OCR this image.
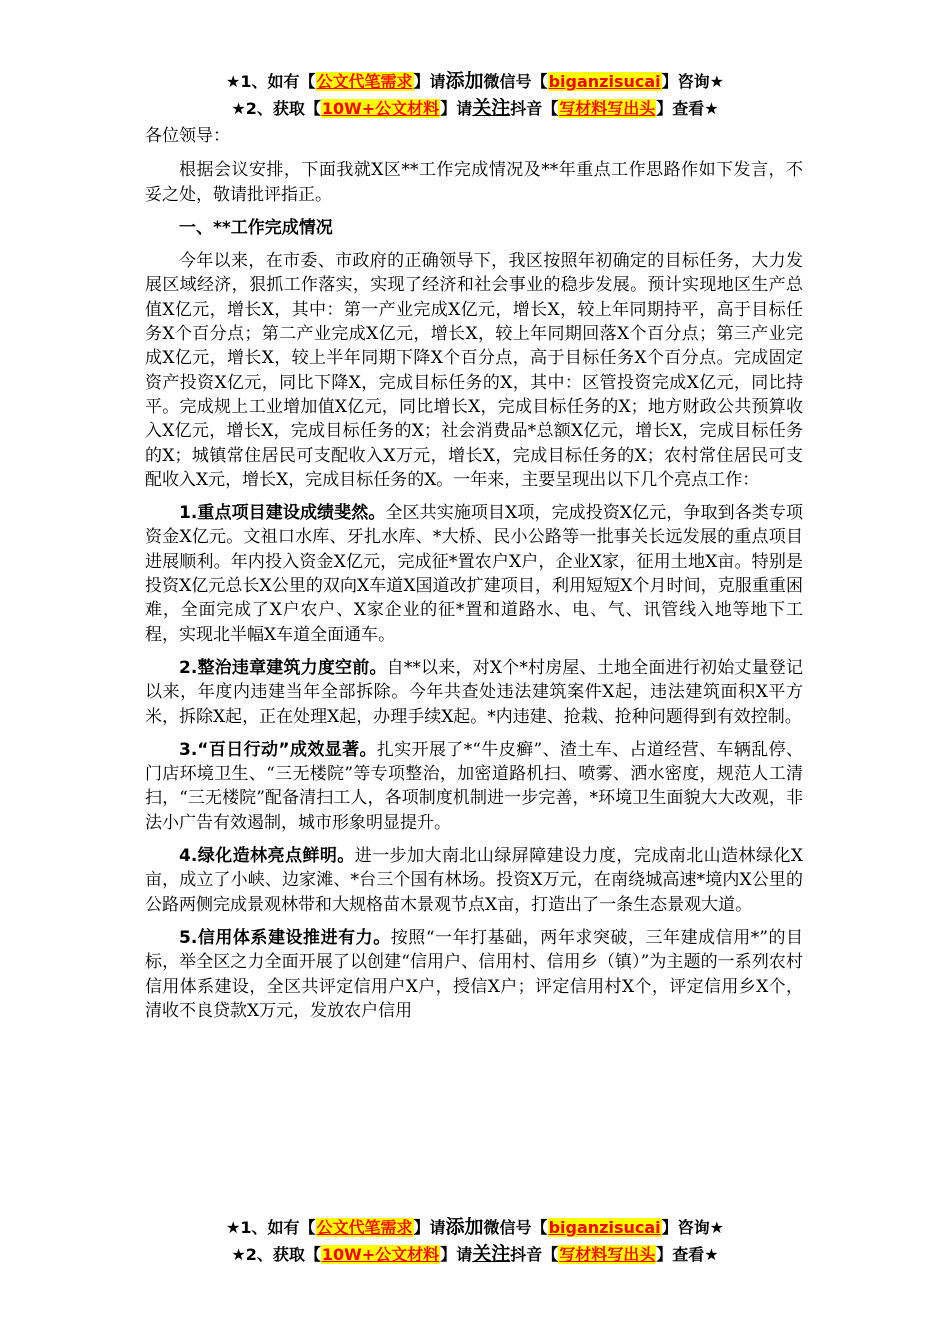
★1、如有【公文代笔需求】请添加微信号【biganzisucai】咨询★
★2、获取【10W+公文材料】请关注抖音【写材料写出头】查看★

各位领导：

根据会议安排，下面我就X区**工作完成情况及**年重点工作思路作如下发言，不妥之处，敬请批评指正。

一、**工作完成情况

今年以来，在市委、市政府的正确领导下，我区按照年初确定的目标任务，大力发展区域经济，狠抓工作落实，实现了经济和社会事业的稳步发展。预计实现地区生产总值X亿元，增长X，其中：第一产业完成X亿元，增长X，较上年同期持平，高于目标任务X个百分点；第二产业完成X亿元，增长X，较上年同期回落X个百分点；第三产业完成X亿元，增长X，较上半年同期下降X个百分点，高于目标任务X个百分点。完成固定资产投资X亿元，同比下降X，完成目标任务的X，其中：区管投资完成X亿元，同比持平。完成规上工业增加值X亿元，同比增长X，完成目标任务的X；地方财政公共预算收入X亿元，增长X，完成目标任务的X；社会消费品*总额X亿元，增长X，完成目标任务的X；城镇常住居民可支配收入X万元，增长X，完成目标任务的X；农村常住居民可支配收入X元，增长X，完成目标任务的X。一年来，主要呈现出以下几个亮点工作：

1.重点项目建设成绩斐然。全区共实施项目X项，完成投资X亿元，争取到各类专项资金X亿元。文祖口水库、牙扎水库、*大桥、民小公路等一批事关长远发展的重点项目进展顺利。年内投入资金X亿元，完成征*置农户X户，企业X家，征用土地X亩。特别是投资X亿元总长X公里的双向X车道X国道改扩建项目，利用短短X个月时间，克服重重困难，全面完成了X户农户、X家企业的征*置和道路水、电、气、讯管线入地等地下工程，实现北半幅X车道全面通车。

2.整治违章建筑力度空前。自**以来，对X个*村房屋、土地全面进行初始丈量登记以来，年度内违建当年全部拆除。今年共查处违法建筑案件X起，违法建筑面积X平方米，拆除X起，正在处理X起，办理手续X起。*内违建、抢栽、抢种问题得到有效控制。

3.“百日行动”成效显著。扎实开展了*“牛皮癣”、渣土车、占道经营、车辆乱停、门店环境卫生、“三无楼院”等专项整治，加密道路机扫、喷雾、洒水密度，规范人工清扫，“三无楼院”配备清扫工人，各项制度机制进一步完善，*环境卫生面貌大大改观，非法小广告有效遏制，城市形象明显提升。

4.绿化造林亮点鲜明。进一步加大南北山绿屏障建设力度，完成南北山造林绿化X亩，成立了小峡、边家滩、*台三个国有林场。投资X万元，在南绕城高速*境内X公里的公路两侧完成景观林带和大规格苗木景观节点X亩，打造出了一条生态景观大道。

5.信用体系建设推进有力。按照“一年打基础，两年求突破，三年建成信用*”的目标，举全区之力全面开展了以创建“信用户、信用村、信用乡（镇）”为主题的一系列农村信用体系建设，全区共评定信用户X户，授信X户；评定信用村X个，评定信用乡X个，清收不良贷款X万元，发放农户信用

★1、如有【公文代笔需求】请添加微信号【biganzisucai】咨询★
★2、获取【10W+公文材料】请关注抖音【写材料写出头】查看★
